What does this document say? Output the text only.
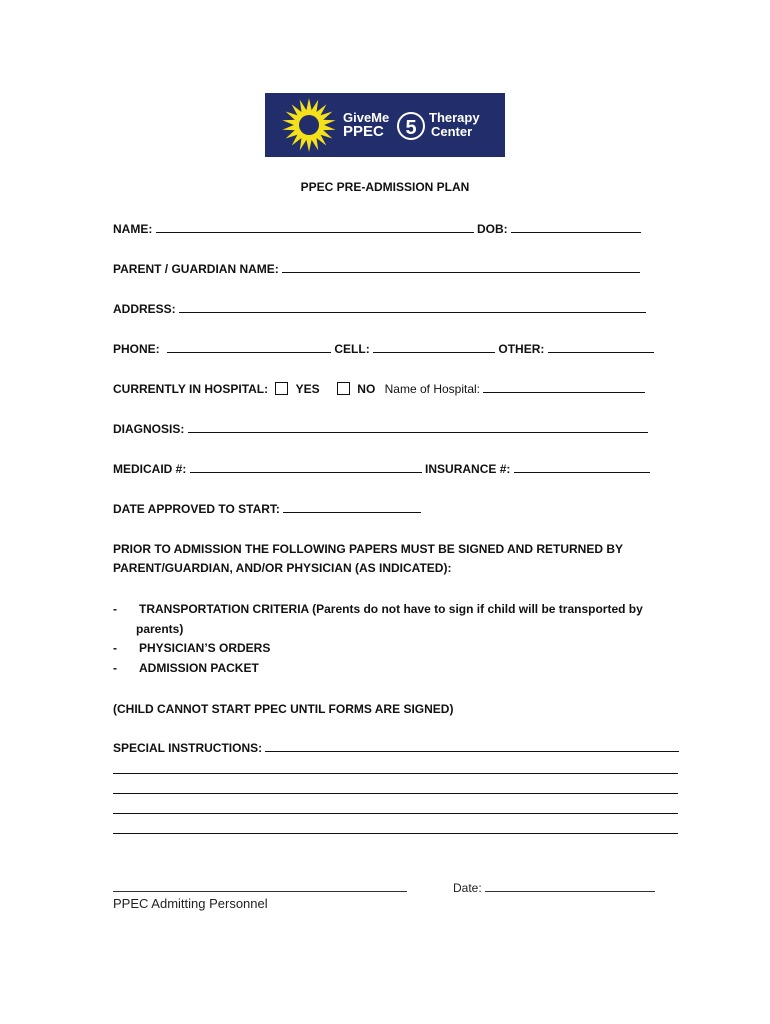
GiveMe
PPEC	5 Therapy
Center
PPEC PRE-ADMISSION PLAN
NAME:	DOB:
PARENT / GUARDIAN NAME:
ADDRESS:
PHONE:	CELL:	OTHER:
CURRENTLY IN HOSPITAL: YES	NO Name of Hospital:
DIAGNOSIS:
MEDICAID #:	INSURANCE #:
DATE APPROVED TO START:
PRIOR TO ADMISSION THE FOLLOWING PAPERS MUST BE SIGNED AND RETURNED BY
PARENT/GUARDIAN, AND/OR PHYSICIAN (AS INDICATED):
- TRANSPORTATION CRITERIA (Parents do not have to sign if child will be transported by
parents)
- PHYSICIAN’S ORDERS
- ADMISSION PACKET
(CHILD CANNOT START PPEC UNTIL FORMS ARE SIGNED)
SPECIAL INSTRUCTIONS:
PPEC Admitting Personnel
Date:
